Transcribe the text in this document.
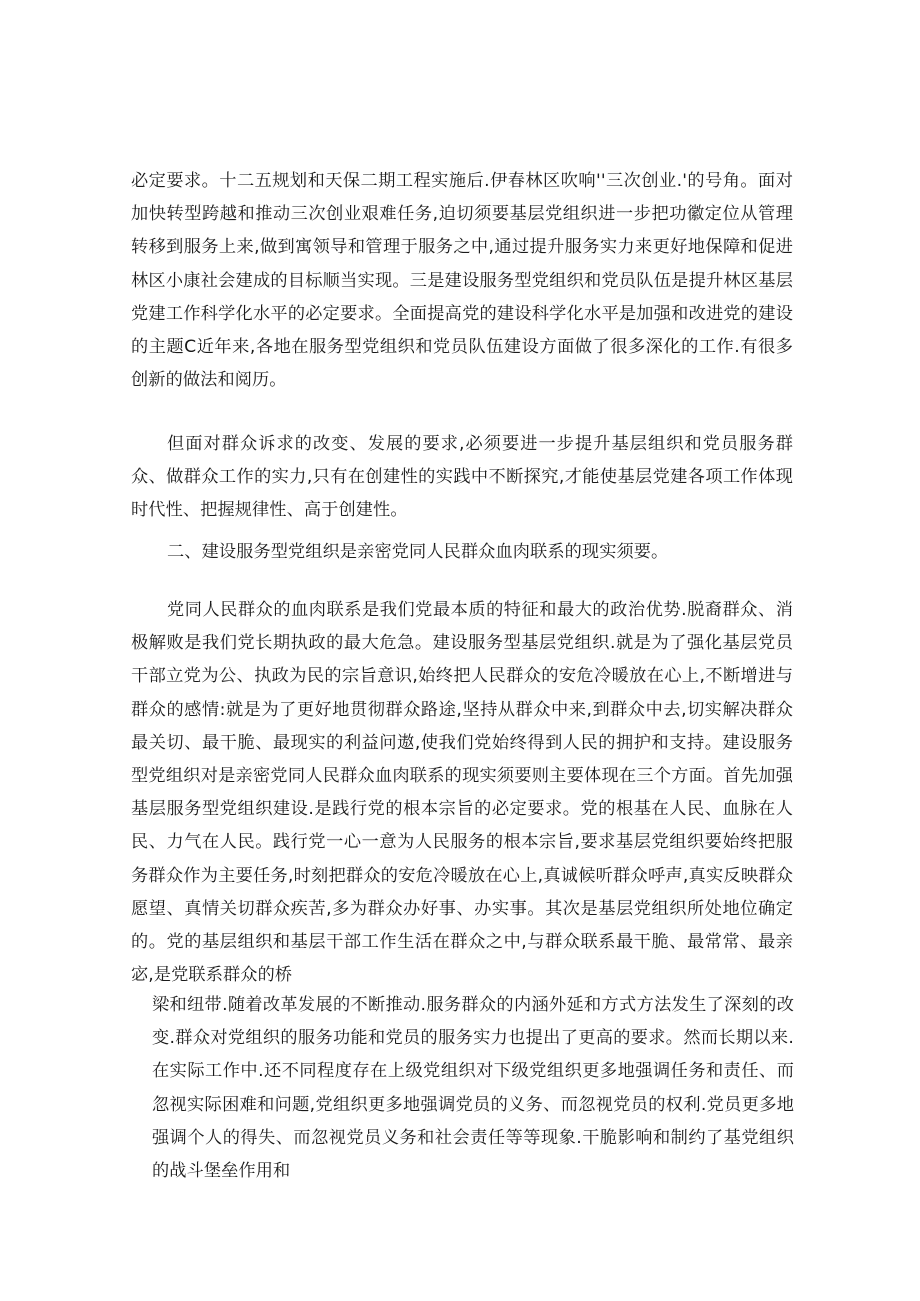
必定要求。十二五规划和天保二期工程实施后.伊春林区吹响''三次创业.'的号角。面对加快转型跨越和推动三次创业艰难任务,迫切须要基层党组织进一步把功徽定位从管理转移到服务上来,做到寓领导和管理于服务之中,通过提升服务实力来更好地保障和促进林区小康社会建成的目标顺当实现。三是建设服务型党组织和党员队伍是提升林区基层党建工作科学化水平的必定要求。全面提高党的建设科学化水平是加强和改进党的建设的主题C近年来,各地在服务型党组织和党员队伍建设方面做了很多深化的工作.有很多创新的做法和阅历。

但面对群众诉求的改变、发展的要求,必须要进一步提升基层组织和党员服务群众、做群众工作的实力,只有在创建性的实践中不断探究,才能使基层党建各项工作体现时代性、把握规律性、高于创建性。

二、建设服务型党组织是亲密党同人民群众血肉联系的现实须要。

党同人民群众的血肉联系是我们党最本质的特征和最大的政治优势.脱裔群众、消极解败是我们党长期执政的最大危急。建设服务型基层党组织.就是为了强化基层党员干部立党为公、执政为民的宗旨意识,始终把人民群众的安危冷暖放在心上,不断增进与群众的感情:就是为了更好地贯彻群众路途,坚持从群众中来,到群众中去,切实解决群众最关切、最干脆、最现实的利益问遨,使我们党始终得到人民的拥护和支持。建设服务型党组织对是亲密党同人民群众血肉联系的现实须要则主要体现在三个方面。首先加强基层服务型党组织建设.是践行党的根本宗旨的必定要求。党的根基在人民、血脉在人民、力气在人民。践行党一心一意为人民服务的根本宗旨,要求基层党组织要始终把服务群众作为主要任务,时刻把群众的安危冷暖放在心上,真诚候听群众呼声,真实反映群众愿望、真情关切群众疾苦,多为群众办好事、办实事。其次是基层党组织所处地位确定的。党的基层组织和基层干部工作生活在群众之中,与群众联系最干脆、最常常、最亲宓,是党联系群众的桥

梁和纽带.随着改革发展的不断推动.服务群众的内涵外延和方式方法发生了深刻的改变.群众对党组织的服务功能和党员的服务实力也提出了更高的要求。然而长期以来.在实际工作中.还不同程度存在上级党组织对下级党组织更多地强调任务和责任、而忽视实际困难和问题,党组织更多地强调党员的义务、而忽视党员的权利.党员更多地强调个人的得失、而忽视党员义务和社会责任等等现象.干脆影响和制约了基党组织的战斗堡垒作用和
